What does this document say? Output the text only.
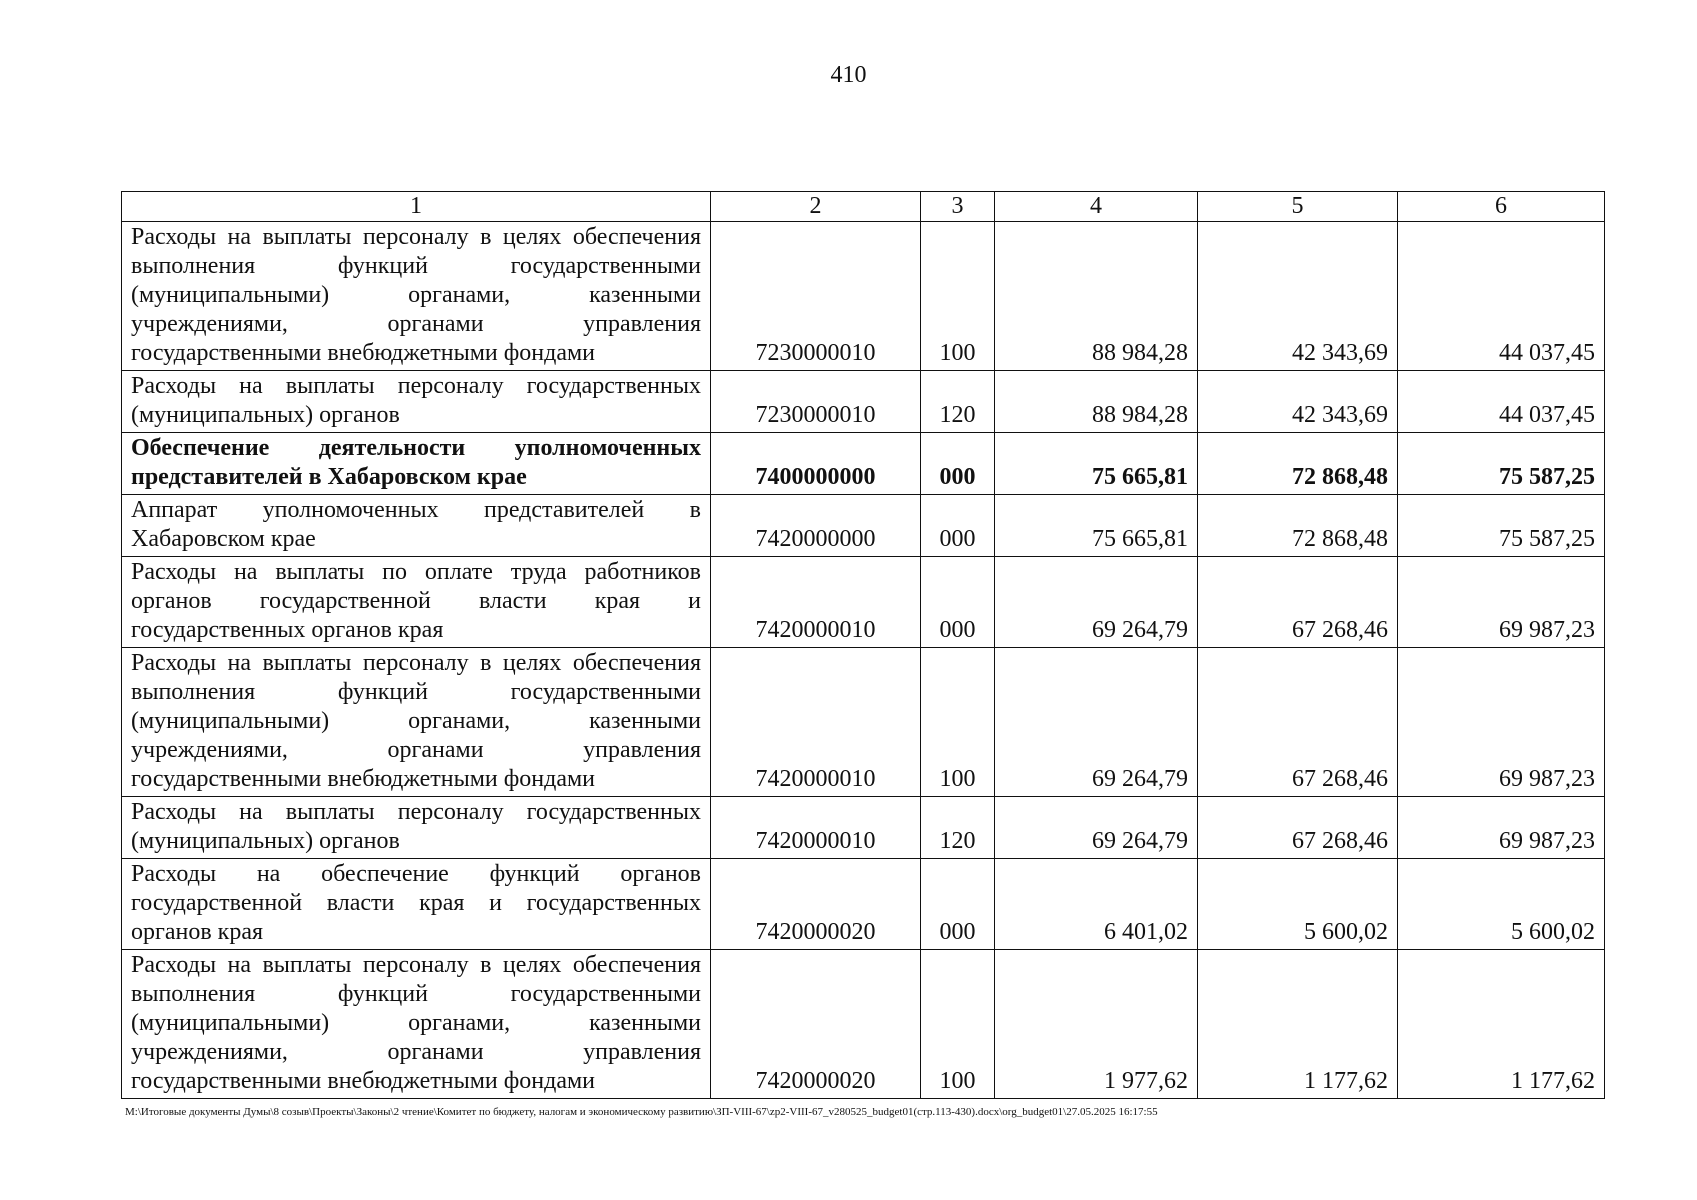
410
1	2	3	4	5	6
Расходы на выплаты персоналу в целях обеспечения выполнения функций государственными (муниципальными) органами, казенными учреждениями, органами управления государственными внебюджетными фондами	7230000010	100	88 984,28	42 343,69	44 037,45
Расходы на выплаты персоналу государственных (муниципальных) органов	7230000010	120	88 984,28	42 343,69	44 037,45
Обеспечение деятельности уполномоченных представителей в Хабаровском крае	7400000000	000	75 665,81	72 868,48	75 587,25
Аппарат уполномоченных представителей в Хабаровском крае	7420000000	000	75 665,81	72 868,48	75 587,25
Расходы на выплаты по оплате труда работников органов государственной власти края и государственных органов края	7420000010	000	69 264,79	67 268,46	69 987,23
Расходы на выплаты персоналу в целях обеспечения выполнения функций государственными (муниципальными) органами, казенными учреждениями, органами управления государственными внебюджетными фондами	7420000010	100	69 264,79	67 268,46	69 987,23
Расходы на выплаты персоналу государственных (муниципальных) органов	7420000010	120	69 264,79	67 268,46	69 987,23
Расходы на обеспечение функций органов государственной власти края и государственных органов края	7420000020	000	6 401,02	5 600,02	5 600,02
Расходы на выплаты персоналу в целях обеспечения выполнения функций государственными (муниципальными) органами, казенными учреждениями, органами управления государственными внебюджетными фондами	7420000020	100	1 977,62	1 177,62	1 177,62
M:\Итоговые документы Думы\8 созыв\Проекты\Законы\2 чтение\Комитет по бюджету, налогам и экономическому развитию\ЗП-VIII-67\zp2-VIII-67_v280525_budget01(стр.113-430).docx\org_budget01\27.05.2025 16:17:55
